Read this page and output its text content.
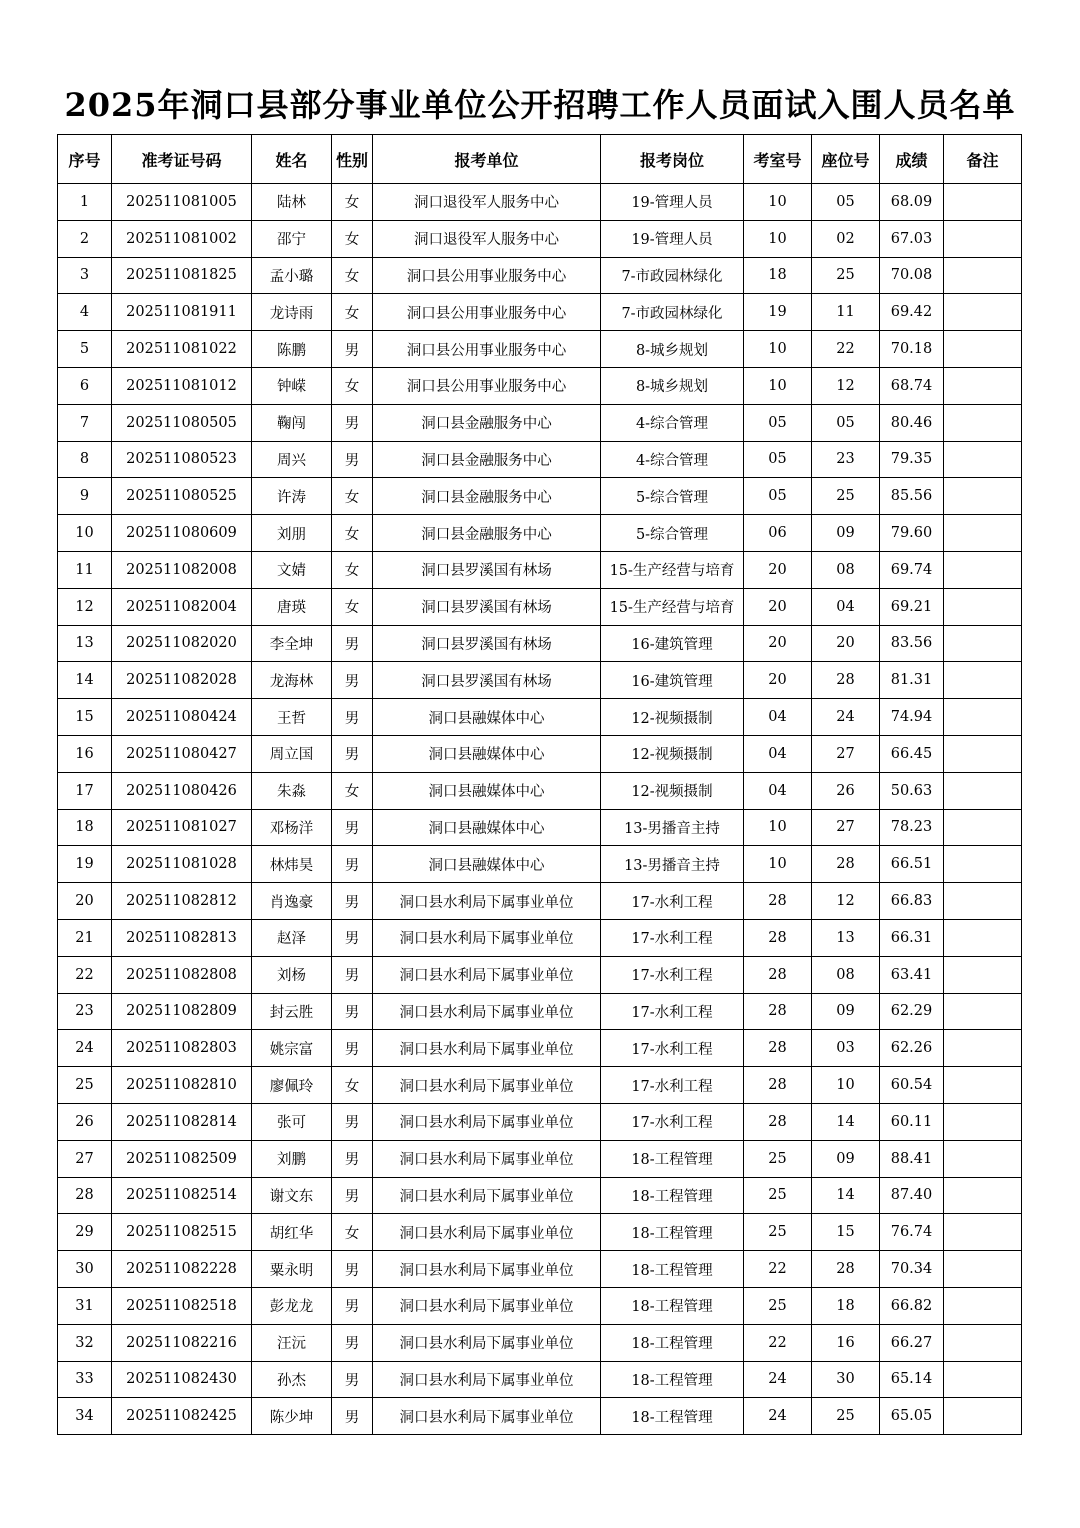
2025年洞口县部分事业单位公开招聘工作人员面试入围人员名单
序号	准考证号码	姓名	性别	报考单位	报考岗位	考室号	座位号	成绩	备注
1	202511081005	陆林	女	洞口退役军人服务中心	19-管理人员	10	05	68.09	
2	202511081002	邵宁	女	洞口退役军人服务中心	19-管理人员	10	02	67.03	
3	202511081825	孟小璐	女	洞口县公用事业服务中心	7-市政园林绿化	18	25	70.08	
4	202511081911	龙诗雨	女	洞口县公用事业服务中心	7-市政园林绿化	19	11	69.42	
5	202511081022	陈鹏	男	洞口县公用事业服务中心	8-城乡规划	10	22	70.18	
6	202511081012	钟嵘	女	洞口县公用事业服务中心	8-城乡规划	10	12	68.74	
7	202511080505	鞠闯	男	洞口县金融服务中心	4-综合管理	05	05	80.46	
8	202511080523	周兴	男	洞口县金融服务中心	4-综合管理	05	23	79.35	
9	202511080525	许涛	女	洞口县金融服务中心	5-综合管理	05	25	85.56	
10	202511080609	刘朋	女	洞口县金融服务中心	5-综合管理	06	09	79.60	
11	202511082008	文婧	女	洞口县罗溪国有林场	15-生产经营与培育	20	08	69.74	
12	202511082004	唐瑛	女	洞口县罗溪国有林场	15-生产经营与培育	20	04	69.21	
13	202511082020	李全坤	男	洞口县罗溪国有林场	16-建筑管理	20	20	83.56	
14	202511082028	龙海林	男	洞口县罗溪国有林场	16-建筑管理	20	28	81.31	
15	202511080424	王哲	男	洞口县融媒体中心	12-视频摄制	04	24	74.94	
16	202511080427	周立国	男	洞口县融媒体中心	12-视频摄制	04	27	66.45	
17	202511080426	朱淼	女	洞口县融媒体中心	12-视频摄制	04	26	50.63	
18	202511081027	邓杨洋	男	洞口县融媒体中心	13-男播音主持	10	27	78.23	
19	202511081028	林炜昊	男	洞口县融媒体中心	13-男播音主持	10	28	66.51	
20	202511082812	肖逸豪	男	洞口县水利局下属事业单位	17-水利工程	28	12	66.83	
21	202511082813	赵泽	男	洞口县水利局下属事业单位	17-水利工程	28	13	66.31	
22	202511082808	刘杨	男	洞口县水利局下属事业单位	17-水利工程	28	08	63.41	
23	202511082809	封云胜	男	洞口县水利局下属事业单位	17-水利工程	28	09	62.29	
24	202511082803	姚宗富	男	洞口县水利局下属事业单位	17-水利工程	28	03	62.26	
25	202511082810	廖佩玲	女	洞口县水利局下属事业单位	17-水利工程	28	10	60.54	
26	202511082814	张可	男	洞口县水利局下属事业单位	17-水利工程	28	14	60.11	
27	202511082509	刘鹏	男	洞口县水利局下属事业单位	18-工程管理	25	09	88.41	
28	202511082514	谢文东	男	洞口县水利局下属事业单位	18-工程管理	25	14	87.40	
29	202511082515	胡红华	女	洞口县水利局下属事业单位	18-工程管理	25	15	76.74	
30	202511082228	粟永明	男	洞口县水利局下属事业单位	18-工程管理	22	28	70.34	
31	202511082518	彭龙龙	男	洞口县水利局下属事业单位	18-工程管理	25	18	66.82	
32	202511082216	汪沅	男	洞口县水利局下属事业单位	18-工程管理	22	16	66.27	
33	202511082430	孙杰	男	洞口县水利局下属事业单位	18-工程管理	24	30	65.14	
34	202511082425	陈少坤	男	洞口县水利局下属事业单位	18-工程管理	24	25	65.05	
